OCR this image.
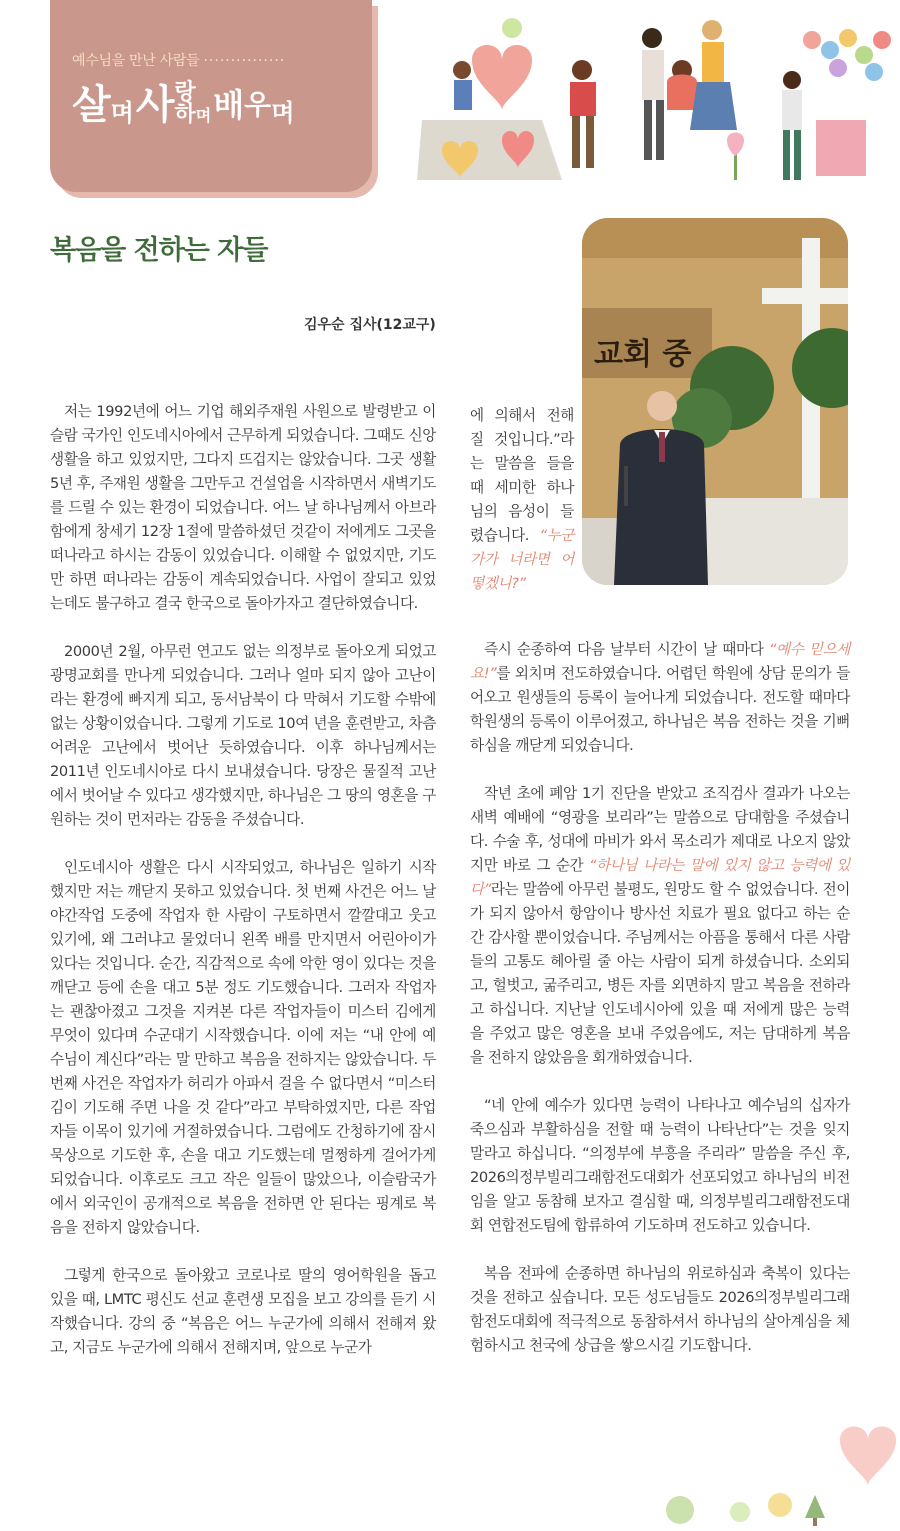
예수님을 만난 사람들 ···············
살며사 랑
하며배우며
복음을 전하는 자들
김우순 집사(12교구)
교회 중

저는 1992년에 어느 기업 해외주재원 사원으로 발령받고 이슬람 국가인 인도네시아에서 근무하게 되었습니다. 그때도 신앙생활을 하고 있었지만, 그다지 뜨겁지는 않았습니다. 그곳 생활 5년 후, 주재원 생활을 그만두고 건설업을 시작하면서 새벽기도를 드릴 수 있는 환경이 되었습니다. 어느 날 하나님께서 아브라함에게 창세기 12장 1절에 말씀하셨던 것같이 저에게도 그곳을 떠나라고 하시는 감동이 있었습니다. 이해할 수 없었지만, 기도만 하면 떠나라는 감동이 계속되었습니다. 사업이 잘되고 있었는데도 불구하고 결국 한국으로 돌아가자고 결단하였습니다.

2000년 2월, 아무런 연고도 없는 의정부로 돌아오게 되었고 광명교회를 만나게 되었습니다. 그러나 얼마 되지 않아 고난이라는 환경에 빠지게 되고, 동서남북이 다 막혀서 기도할 수밖에 없는 상황이었습니다. 그렇게 기도로 10여 년을 훈련받고, 차츰 어려운 고난에서 벗어난 듯하였습니다. 이후 하나님께서는 2011년 인도네시아로 다시 보내셨습니다. 당장은 물질적 고난에서 벗어날 수 있다고 생각했지만, 하나님은 그 땅의 영혼을 구원하는 것이 먼저라는 감동을 주셨습니다.

인도네시아 생활은 다시 시작되었고, 하나님은 일하기 시작했지만 저는 깨닫지 못하고 있었습니다. 첫 번째 사건은 어느 날 야간작업 도중에 작업자 한 사람이 구토하면서 깔깔대고 웃고 있기에, 왜 그러냐고 물었더니 왼쪽 배를 만지면서 어린아이가 있다는 것입니다. 순간, 직감적으로 속에 악한 영이 있다는 것을 깨닫고 등에 손을 대고 5분 정도 기도했습니다. 그러자 작업자는 괜찮아졌고 그것을 지켜본 다른 작업자들이 미스터 김에게 무엇이 있다며 수군대기 시작했습니다. 이에 저는 “내 안에 예수님이 계신다”라는 말 만하고 복음을 전하지는 않았습니다. 두 번째 사건은 작업자가 허리가 아파서 걸을 수 없다면서 “미스터 김이 기도해 주면 나을 것 같다”라고 부탁하였지만, 다른 작업자들 이목이 있기에 거절하였습니다. 그럼에도 간청하기에 잠시 묵상으로 기도한 후, 손을 대고 기도했는데 멀쩡하게 걸어가게 되었습니다. 이후로도 크고 작은 일들이 많았으나, 이슬람국가에서 외국인이 공개적으로 복음을 전하면 안 된다는 핑계로 복음을 전하지 않았습니다.

그렇게 한국으로 돌아왔고 코로나로 딸의 영어학원을 돕고 있을 때, LMTC 평신도 선교 훈련생 모집을 보고 강의를 듣기 시작했습니다. 강의 중 “복음은 어느 누군가에 의해서 전해져 왔고, 지금도 누군가에 의해서 전해지며, 앞으로 누군가

에 의해서 전해질 것입니다.”라는 말씀을 들을 때 세미한 하나님의 음성이 들렸습니다. “누군가가 너라면 어떻겠니?”

즉시 순종하여 다음 날부터 시간이 날 때마다 “예수 믿으세요!”를 외치며 전도하였습니다. 어렵던 학원에 상담 문의가 들어오고 원생들의 등록이 늘어나게 되었습니다. 전도할 때마다 학원생의 등록이 이루어졌고, 하나님은 복음 전하는 것을 기뻐하심을 깨닫게 되었습니다.

작년 초에 폐암 1기 진단을 받았고 조직검사 결과가 나오는 새벽 예배에 “영광을 보리라”는 말씀으로 담대함을 주셨습니다. 수술 후, 성대에 마비가 와서 목소리가 제대로 나오지 않았지만 바로 그 순간 “하나님 나라는 말에 있지 않고 능력에 있다”라는 말씀에 아무런 불평도, 원망도 할 수 없었습니다. 전이가 되지 않아서 항암이나 방사선 치료가 필요 없다고 하는 순간 감사할 뿐이었습니다. 주님께서는 아픔을 통해서 다른 사람들의 고통도 헤아릴 줄 아는 사람이 되게 하셨습니다. 소외되고, 헐벗고, 굶주리고, 병든 자를 외면하지 말고 복음을 전하라고 하십니다. 지난날 인도네시아에 있을 때 저에게 많은 능력을 주었고 많은 영혼을 보내 주었음에도, 저는 담대하게 복음을 전하지 않았음을 회개하였습니다.

“네 안에 예수가 있다면 능력이 나타나고 예수님의 십자가 죽으심과 부활하심을 전할 때 능력이 나타난다”는 것을 잊지 말라고 하십니다. “의정부에 부흥을 주리라” 말씀을 주신 후, 2026의정부빌리그래함전도대회가 선포되었고 하나님의 비전임을 알고 동참해 보자고 결심할 때, 의정부빌리그래함전도대회 연합전도팀에 합류하여 기도하며 전도하고 있습니다.

복음 전파에 순종하면 하나님의 위로하심과 축복이 있다는 것을 전하고 싶습니다. 모든 성도님들도 2026의정부빌리그래함전도대회에 적극적으로 동참하셔서 하나님의 살아계심을 체험하시고 천국에 상급을 쌓으시길 기도합니다.
